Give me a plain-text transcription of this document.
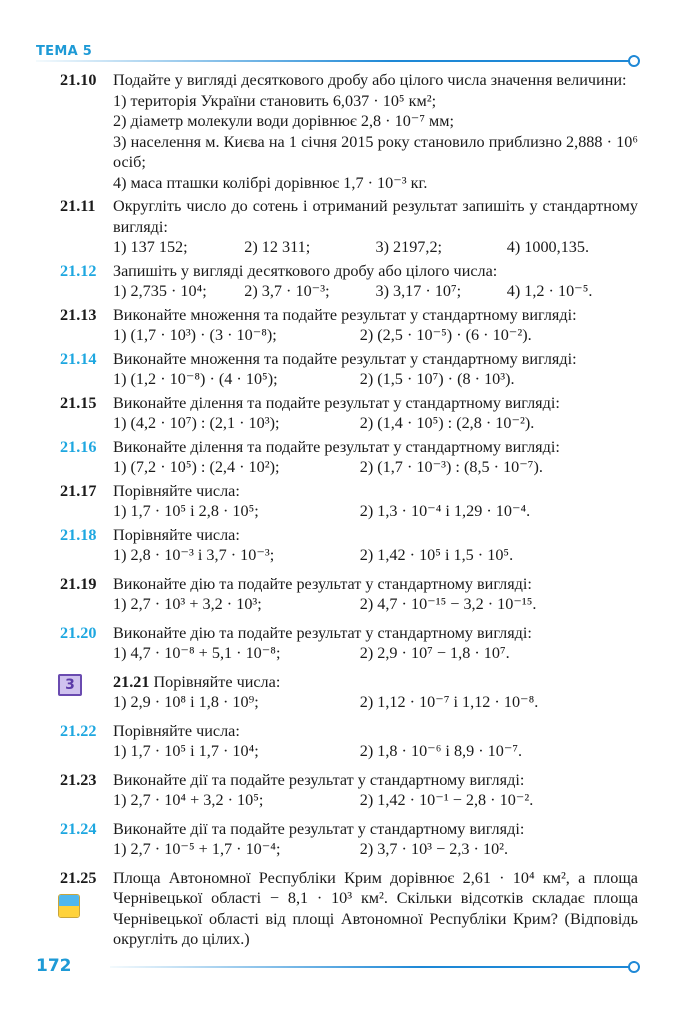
ТЕМА 5
21.10 Подайте у вигляді десяткового дробу або цілого числа значення величини:
1) територія України становить 6,037 · 10⁵ км²;
2) діаметр молекули води дорівнює 2,8 · 10⁻⁷ мм;
3) населення м. Києва на 1 січня 2015 року становило приблизно 2,888 · 10⁶ осіб;
4) маса пташки колібрі дорівнює 1,7 · 10⁻³ кг.
21.11 Округліть число до сотень і отриманий результат запишіть у стандартному вигляді:
1) 137 152;	2) 12 311;	3) 2197,2;	4) 1000,135.
21.12 Запишіть у вигляді десяткового дробу або цілого числа:
1) 2,735 · 10⁴;	2) 3,7 · 10⁻³;	3) 3,17 · 10⁷;	4) 1,2 · 10⁻⁵.
21.13 Виконайте множення та подайте результат у стандартному вигляді:
1) (1,7 · 10³) · (3 · 10⁻⁸);	2) (2,5 · 10⁻⁵) · (6 · 10⁻²).
21.14 Виконайте множення та подайте результат у стандартному вигляді:
1) (1,2 · 10⁻⁸) · (4 · 10⁵);	2) (1,5 · 10⁷) · (8 · 10³).
21.15 Виконайте ділення та подайте результат у стандартному вигляді:
1) (4,2 · 10⁷) : (2,1 · 10³);	2) (1,4 · 10⁵) : (2,8 · 10⁻²).
21.16 Виконайте ділення та подайте результат у стандартному вигляді:
1) (7,2 · 10⁵) : (2,4 · 10²);	2) (1,7 · 10⁻³) : (8,5 · 10⁻⁷).
21.17 Порівняйте числа:
1) 1,7 · 10⁵ і 2,8 · 10⁵;	2) 1,3 · 10⁻⁴ і 1,29 · 10⁻⁴.
21.18 Порівняйте числа:
1) 2,8 · 10⁻³ і 3,7 · 10⁻³;	2) 1,42 · 10⁵ і 1,5 · 10⁵.
21.19 Виконайте дію та подайте результат у стандартному вигляді:
1) 2,7 · 10³ + 3,2 · 10³;	2) 4,7 · 10⁻¹⁵ − 3,2 · 10⁻¹⁵.
21.20 Виконайте дію та подайте результат у стандартному вигляді:
1) 4,7 · 10⁻⁸ + 5,1 · 10⁻⁸;	2) 2,9 · 10⁷ − 1,8 · 10⁷.
3	21.21 Порівняйте числа:
1) 2,9 · 10⁸ і 1,8 · 10⁹;	2) 1,12 · 10⁻⁷ і 1,12 · 10⁻⁸.
21.22 Порівняйте числа:
1) 1,7 · 10⁵ і 1,7 · 10⁴;	2) 1,8 · 10⁻⁶ і 8,9 · 10⁻⁷.
21.23 Виконайте дії та подайте результат у стандартному вигляді:
1) 2,7 · 10⁴ + 3,2 · 10⁵;	2) 1,42 · 10⁻¹ − 2,8 · 10⁻².
21.24 Виконайте дії та подайте результат у стандартному вигляді:
1) 2,7 · 10⁻⁵ + 1,7 · 10⁻⁴;	2) 3,7 · 10³ − 2,3 · 10².
21.25 Площа Автономної Республіки Крим дорівнює 2,61 · 10⁴ км², а площа Чернівецької області − 8,1 · 10³ км². Скільки відсотків складає площа Чернівецької області від площі Автономної Республіки Крим? (Відповідь округліть до цілих.)
172
